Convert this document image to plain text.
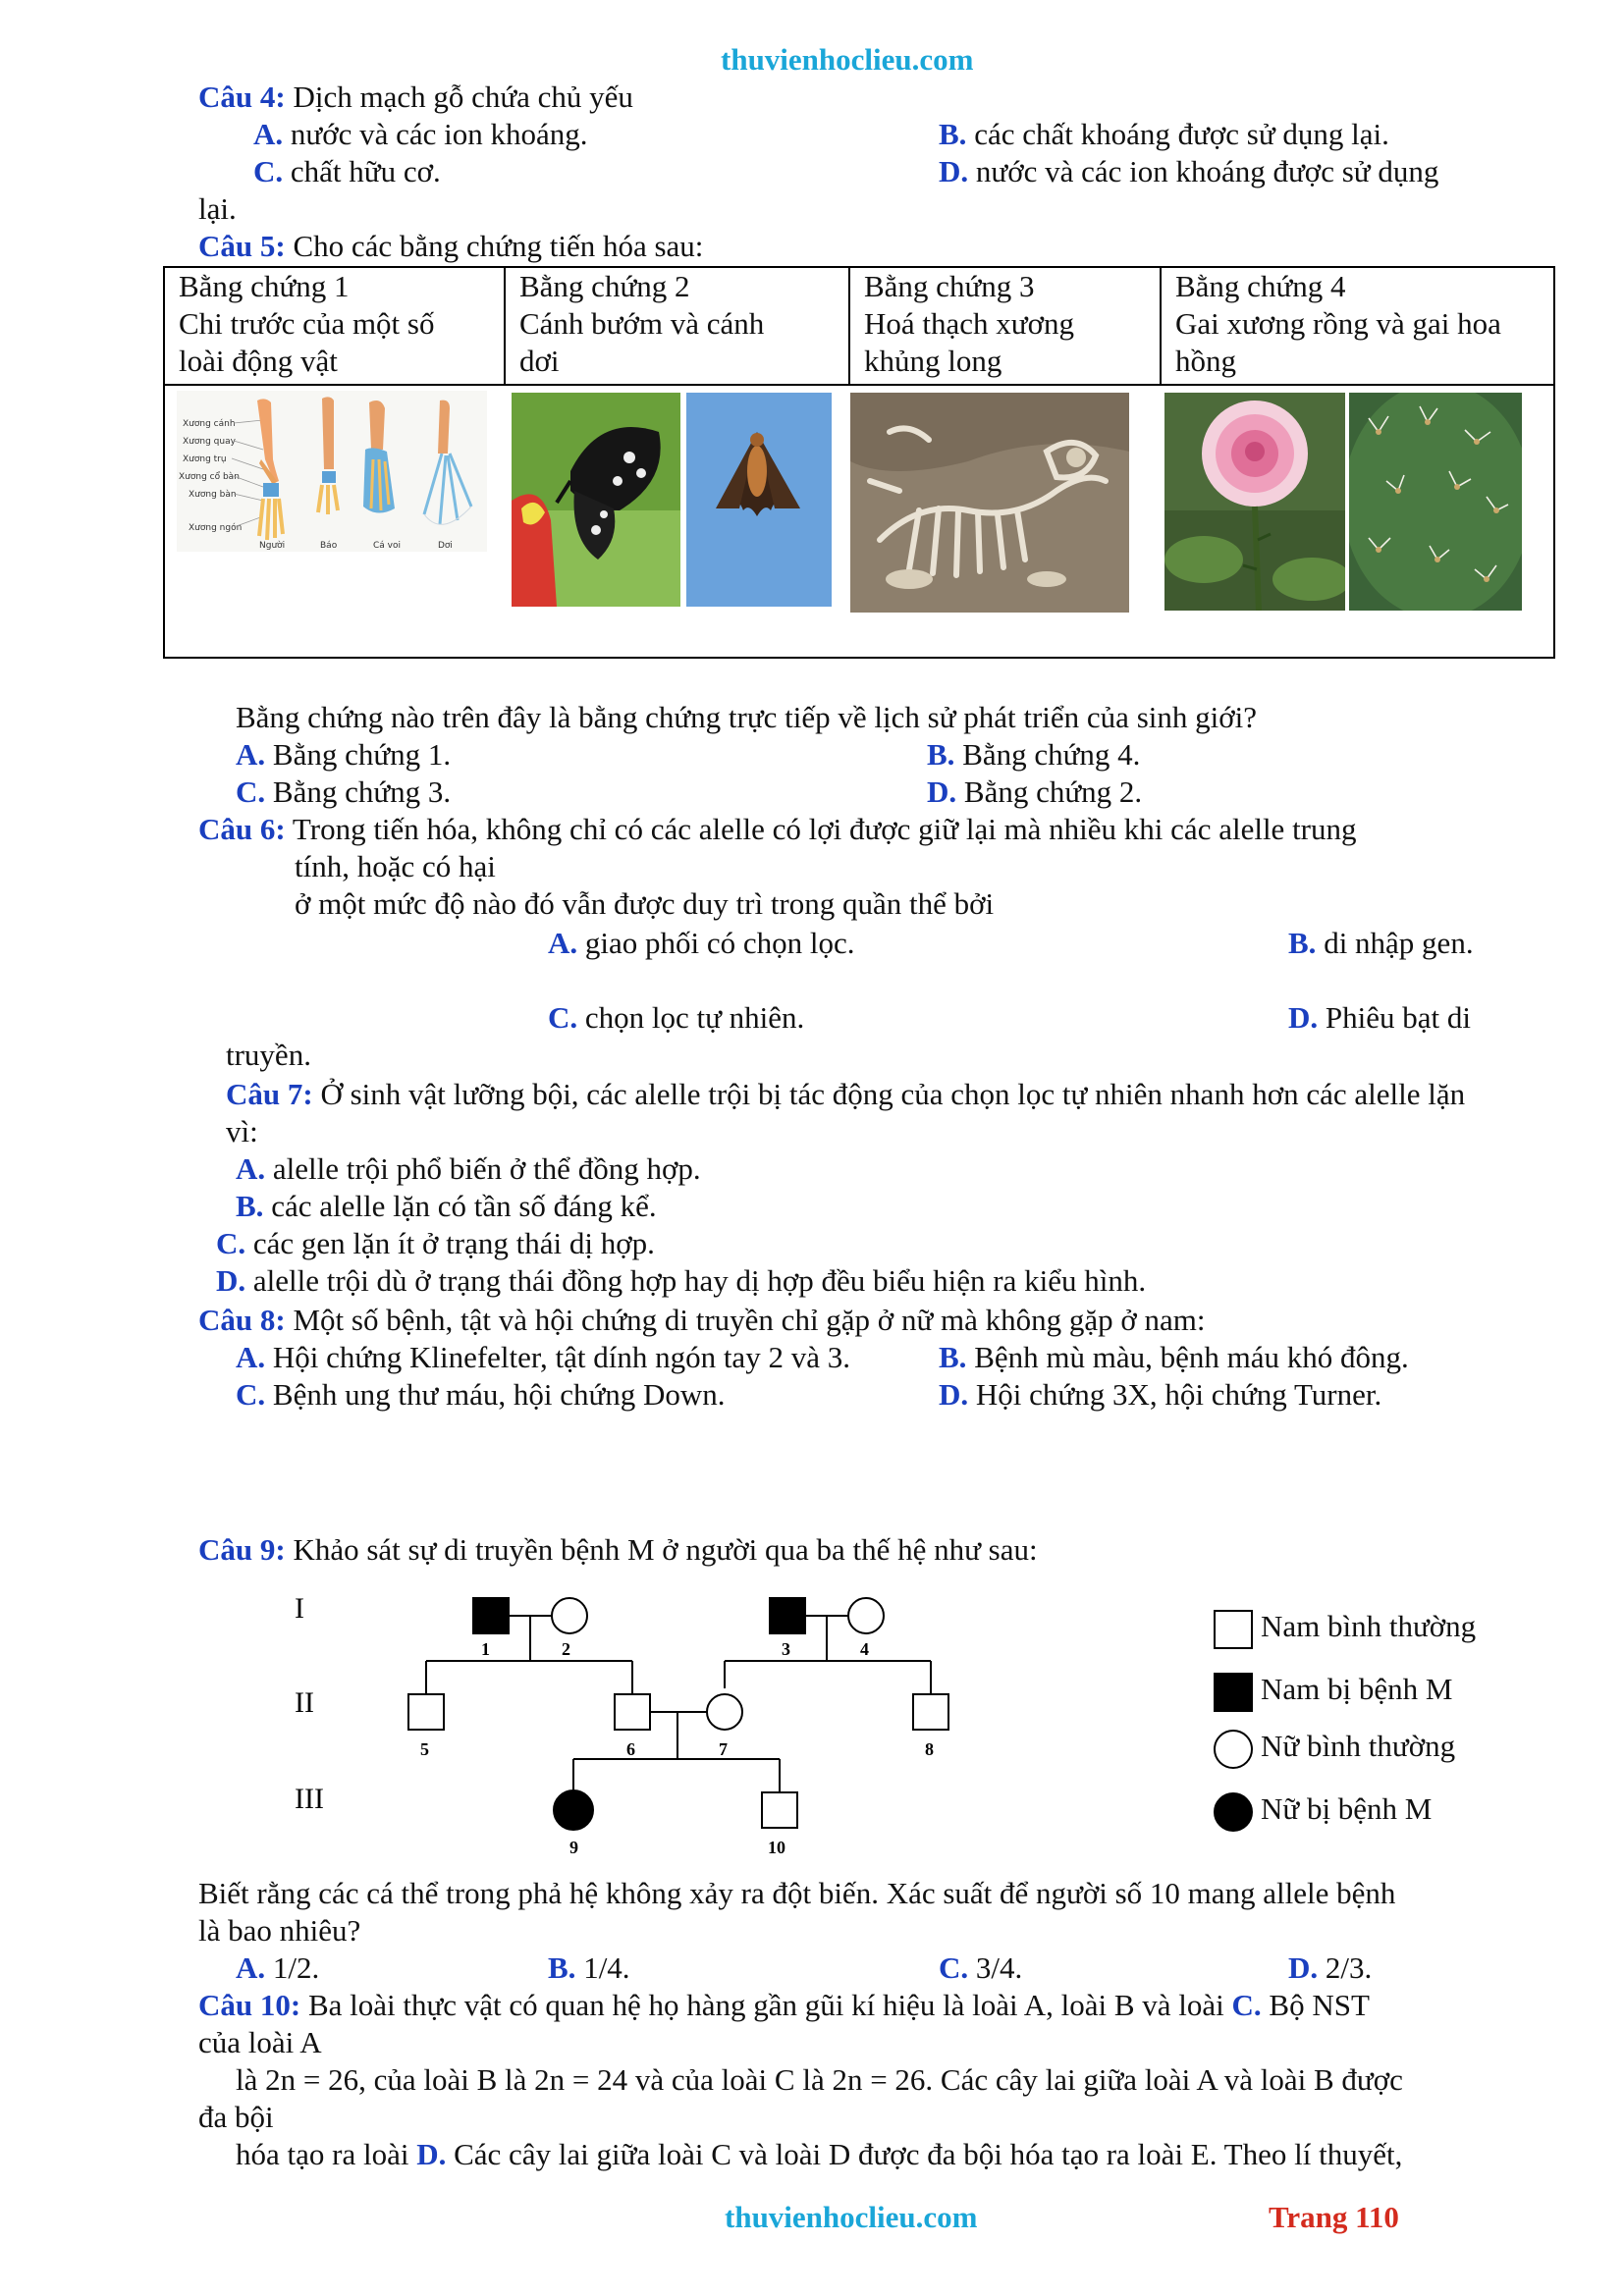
thuvienhoclieu.com
Câu 4: Dịch mạch gỗ chứa chủ yếu
A. nước và các ion khoáng.	B. các chất khoáng được sử dụng lại.
C. chất hữu cơ.	D. nước và các ion khoáng được sử dụng
lại.
Câu 5: Cho các bằng chứng tiến hóa sau:
Bằng chứng 1
Chi trước của một số
loài động vật

Bằng chứng 2
Cánh bướm và cánh
dơi

Bằng chứng 3
Hoá thạch xương
khủng long

Bằng chứng 4
Gai xương rồng và gai hoa
hồng

Xương cánh
Xương quay
Xương trụ
Xương cổ bàn
Xương bàn
Xương ngón
Người	Báo	Cá voi	Dơi
Bằng chứng nào trên đây là bằng chứng trực tiếp về lịch sử phát triển của sinh giới?
A. Bằng chứng 1.	B. Bằng chứng 4.
C. Bằng chứng 3.	D. Bằng chứng 2.
Câu 6: Trong tiến hóa, không chỉ có các alelle có lợi được giữ lại mà nhiều khi các alelle trung
tính, hoặc có hại
ở một mức độ nào đó vẫn được duy trì trong quần thể bởi
A. giao phối có chọn lọc.	B. di nhập gen.
C. chọn lọc tự nhiên.	D. Phiêu bạt di
truyền.
Câu 7: Ở sinh vật lưỡng bội, các alelle trội bị tác động của chọn lọc tự nhiên nhanh hơn các alelle lặn
vì:
A. alelle trội phổ biến ở thể đồng hợp.
B. các alelle lặn có tần số đáng kể.
C. các gen lặn ít ở trạng thái dị hợp.
D. alelle trội dù ở trạng thái đồng hợp hay dị hợp đều biểu hiện ra kiểu hình.
Câu 8: Một số bệnh, tật và hội chứng di truyền chỉ gặp ở nữ mà không gặp ở nam:
A. Hội chứng Klinefelter, tật dính ngón tay 2 và 3.	B. Bệnh mù màu, bệnh máu khó đông.
C. Bệnh ung thư máu, hội chứng Down.	D. Hội chứng 3X, hội chứng Turner.
Câu 9: Khảo sát sự di truyền bệnh M ở người qua ba thế hệ như sau:
I
II
III
1	2	3	4
5	6	7	8
9	10
Nam bình thường
Nam bị bệnh M
Nữ bình thường
Nữ bị bệnh M
Biết rằng các cá thể trong phả hệ không xảy ra đột biến. Xác suất để người số 10 mang allele bệnh
là bao nhiêu?
A. 1/2.	B. 1/4.	C. 3/4.	D. 2/3.
Câu 10: Ba loài thực vật có quan hệ họ hàng gần gũi kí hiệu là loài A, loài B và loài C. Bộ NST
của loài A
là 2n = 26, của loài B là 2n = 24 và của loài C là 2n = 26. Các cây lai giữa loài A và loài B được
đa bội
hóa tạo ra loài D. Các cây lai giữa loài C và loài D được đa bội hóa tạo ra loài E. Theo lí thuyết,
thuvienhoclieu.com	Trang 110
